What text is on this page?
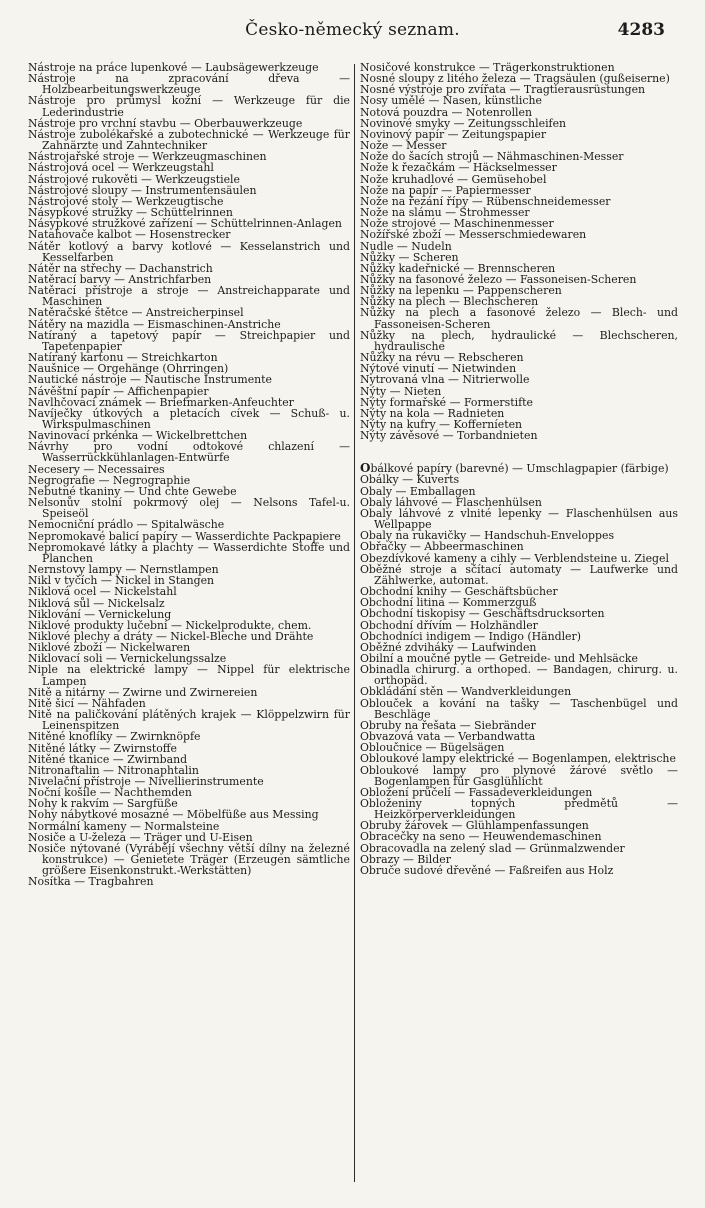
Česko-německý seznam.	4283
Nástroje na práce lupenkové — Laubsägewerkzeuge
Nástroje na zpracování dřeva — Holzbearbeitungswerkzeuge
Nástroje pro průmysl kožní — Werkzeuge für die Lederindustrie
Nástroje pro vrchní stavbu — Oberbauwerkzeuge
Nástroje zubolékařské a zubotechnické — Werkzeuge für Zahnärzte und Zahntechniker
Nástrojařské stroje — Werkzeugmaschinen
Nástrojová ocel — Werkzeugstahl
Nástrojové rukověti — Werkzeugstiele
Nástrojové sloupy — Instrumentensäulen
Nástrojové stoly — Werkzeugtische
Násypkové stružky — Schüttelrinnen
Násypkové stružkové zařízení — Schüttelrinnen-Anlagen
Natahovače kalbot — Hosenstrecker
Nátěr kotlový a barvy kotlové — Kesselanstrich und Kesselfarben
Nátěr na střechy — Dachanstrich
Natěrací barvy — Anstrichfarben
Natěrací přístroje a stroje — Anstreichapparate und Maschinen
Natěračské štětce — Anstreicherpinsel
Nátěry na mazidla — Eismaschinen-Anstriche
Natíraný a tapetový papír — Streichpapier und Tapetenpapier
Natíraný kartonu — Streichkarton
Naušnice — Orgehänge (Ohrringen)
Nautické nástroje — Nautische Instrumente
Návěštní papír — Affichenpapier
Navlhčovací známek — Briefmarken-Anfeuchter
Navíječky útkových a pletacích cívek — Schuß- u. Wirkspulmaschinen
Navinovací prkénka — Wickelbrettchen
Návrhy pro vodní odtokové chlazení — Wasserrückkühlanlagen-Entwürfe
Necesery — Necessaires
Negrografie — Negrographie
Nebutné tkaniny — Und chte Gewebe
Nelsonův stolní pokrmový olej — Nelsons Tafel-u. Speiseöl
Nemocniční prádlo — Spitalwäsche
Nepromokavé balicí papíry — Wasserdichte Packpapiere
Nepromokavé látky a plachty — Wasserdichte Stoffe und Planchen
Nernstovy lampy — Nernstlampen
Nikl v tyčích — Nickel in Stangen
Niklová ocel — Nickelstahl
Niklová sůl — Nickelsalz
Niklování — Vernickelung
Niklové produkty lučební — Nickelprodukte, chem.
Niklové plechy a dráty — Nickel-Bleche und Drähte
Niklové zboží — Nickelwaren
Niklovací soli — Vernickelungssalze
Niple na elektrické lampy — Nippel für elektrische Lampen
Nitě a nitárny — Zwirne und Zwirnereien
Nitě šicí — Nähfaden
Nitě na paličkování plátěných krajek — Klöppelzwirn für Leinenspitzen
Nitěné knoflíky — Zwirnknöpfe
Nitěné látky — Zwirnstoffe
Nitěné tkanice — Zwirnband
Nitronaftalin — Nitronaphtalin
Nivelační přístroje — Nivellierinstrumente
Noční košile — Nachthemden
Nohy k rakvím — Sargfüße
Nohy nábytkové mosazné — Möbelfüße aus Messing
Normální kameny — Normalsteine
Nosiče a U-železa — Träger und U-Eisen
Nosiče nýtované (Vyrábějí všechny větší dílny na železné konstrukce) — Genietete Träger (Erzeugen sämtliche größere Eisenkonstrukt.-Werkstätten)
Nosítka — Tragbahren
Nosičové konstrukce — Trägerkonstruktionen
Nosné sloupy z litého železa — Tragsäulen (gußeiserne)
Nosné výstroje pro zvířata — Tragtierausrüstungen
Nosy umělé — Nasen, künstliche
Notová pouzdra — Notenrollen
Novinové smyky — Zeitungsschleifen
Novinový papír — Zeitungspapier
Nože — Messer
Nože do šacích strojů — Nähmaschinen-Messer
Nože k řezačkám — Häckselmesser
Nože kruhadlové — Gemüsehobel
Nože na papír — Papiermesser
Nože na řezání řípy — Rübenschneidemesser
Nože na slámu — Strohmesser
Nože strojové — Maschinenmesser
Nožířské zboží — Messerschmiedewaren
Nudle — Nudeln
Nůžky — Scheren
Nůžky kadeřnické — Brennscheren
Nůžky na fasonové železo — Fassoneisen-Scheren
Nůžky na lepenku — Pappenscheren
Nůžky na plech — Blechscheren
Nůžky na plech a fasonové železo — Blech- und Fassoneisen-Scheren
Nůžky na plech, hydraulické — Blechscheren, hydraulische
Nůžky na révu — Rebscheren
Nýtové vinutí — Nietwinden
Nytrovaná vlna — Nitrierwolle
Nýty — Nieten
Nýty formařské — Formerstifte
Nýty na kola — Radnieten
Nýty na kufry — Kofferníeten
Nýty závěsové — Torbandnieten
Obálkové papíry (barevné) — Umschlagpapier (färbige)
Obálky — Kuverts
Obaly — Emballagen
Obaly láhvové — Flaschenhülsen
Obaly láhvové z vlnité lepenky — Flaschenhülsen aus Wellpappe
Obaly na rukavičky — Handschuh-Enveloppes
Obřačky — Abbeermaschinen
Obezdívkové kameny a cihly — Verblendsteine u. Ziegel
Oběžné stroje a sčítací automaty — Laufwerke und Zählwerke, automat.
Obchodní knihy — Geschäftsbücher
Obchodní litina — Kommerzguß
Obchodní tiskopisy — Geschäftsdrucksorten
Obchodní dřívím — Holzhändler
Obchodníci indigem — Indigo (Händler)
Oběžné zdviháky — Laufwinden
Obilní a moučné pytle — Getreide- und Mehlsäcke
Obinadla chirurg. a orthoped. — Bandagen, chirurg. u. orthopäd.
Obkládání stěn — Wandverkleidungen
Oblouček a kování na tašky — Taschenbügel und Beschläge
Obruby na řešata — Siebränder
Obvazová vata — Verbandwatta
Obloučnice — Bügelsägen
Obloukové lampy elektrické — Bogenlampen, elektrische
Obloukové lampy pro plynové žárové světlo — Bogenlampen für Gasglühlicht
Obložení průčelí — Fassadeverkleidungen
Obloženiny topných předmětů — Heizkörperverkleidungen
Obruby žárovek — Glühlampenfassungen
Obracečky na seno — Heuwendemaschinen
Obracovadla na zelený slad — Grünmalzwender
Obrazy — Bilder
Obruče sudové dřevěné — Faßreifen aus Holz
